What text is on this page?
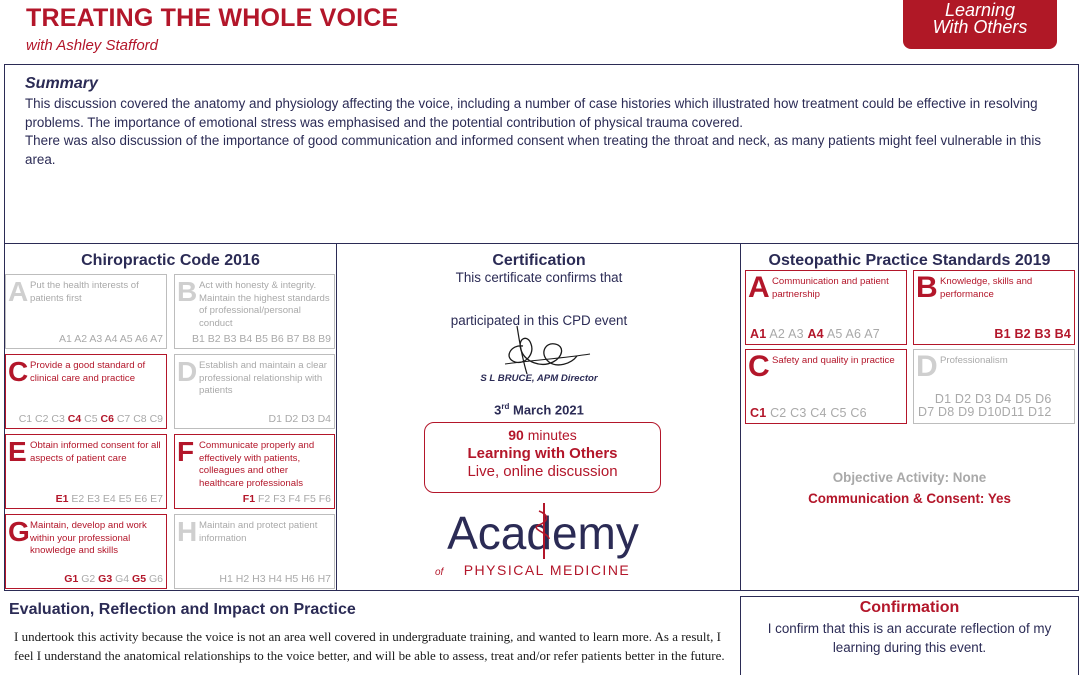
TREATING THE WHOLE VOICE
with Ashley Stafford
Learning
With Others
Summary
This discussion covered the anatomy and physiology affecting the voice, including a number of case histories which illustrated how treatment could be effective in resolving problems. The importance of emotional stress was emphasised and the potential contribution of physical trauma covered.
There was also discussion of the importance of good communication and informed consent when treating the throat and neck, as many patients might feel vulnerable in this area.
Chiropractic Code 2016
A Put the health interests of patients first
A1 A2 A3 A4 A5 A6 A7
B Act with honesty & integrity. Maintain the highest standards of professional/personal conduct
B1 B2 B3 B4 B5 B6 B7 B8 B9
C Provide a good standard of clinical care and practice
C1 C2 C3 C4 C5 C6 C7 C8 C9
D Establish and maintain a clear professional relationship with patients
D1 D2 D3 D4
E Obtain informed consent for all aspects of patient care
E1 E2 E3 E4 E5 E6 E7
F Communicate properly and effectively with patients, colleagues and other healthcare professionals
F1 F2 F3 F4 F5 F6
G Maintain, develop and work within your professional knowledge and skills
G1 G2 G3 G4 G5 G6
H Maintain and protect patient information
H1 H2 H3 H4 H5 H6 H7
Certification
This certificate confirms that
participated in this CPD event
S L BRUCE, APM Director
3rd March 2021
90 minutes
Learning with Others
Live, online discussion
Academy
of PHYSICAL MEDICINE
Osteopathic Practice Standards 2019
A Communication and patient partnership
A1 A2 A3 A4 A5 A6 A7
B Knowledge, skills and performance
B1 B2 B3 B4
C Safety and quality in practice
C1 C2 C3 C4 C5 C6
D Professionalism
D1 D2 D3 D4 D5 D6
D7 D8 D9 D10D11 D12
Objective Activity: None
Communication & Consent: Yes
Evaluation, Reflection and Impact on Practice
I undertook this activity because the voice is not an area well covered in undergraduate training, and wanted to learn more. As a result, I feel I understand the anatomical relationships to the voice better, and will be able to assess, treat and/or refer patients better in the future.
Confirmation
I confirm that this is an accurate reflection of my learning during this event.
